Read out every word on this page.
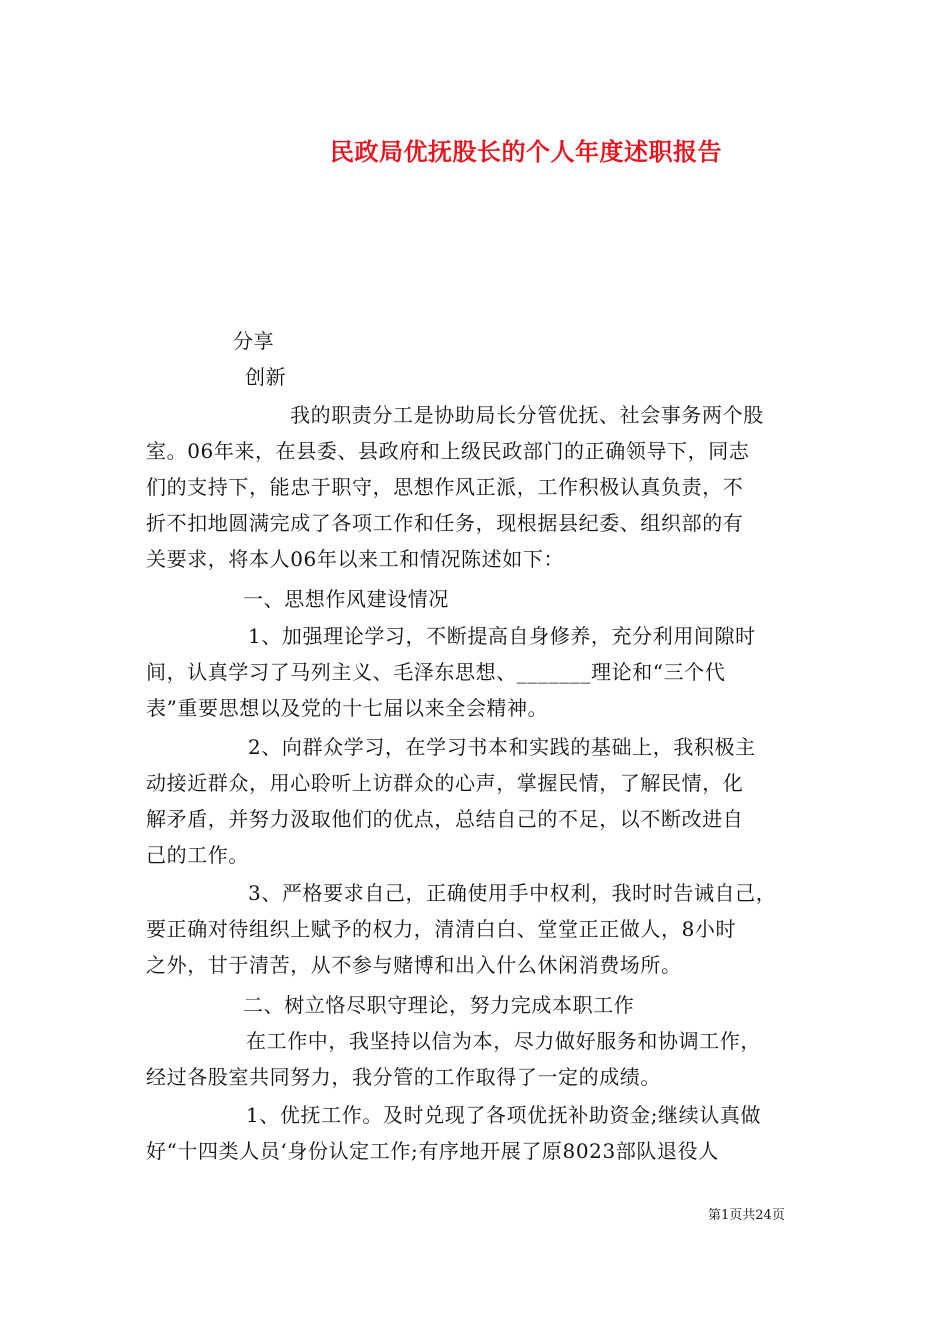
民政局优抚股长的个人年度述职报告
分享
创新
我的职责分工是协助局长分管优抚、社会事务两个股
室。06年来，在县委、县政府和上级民政部门的正确领导下，同志
们的支持下，能忠于职守，思想作风正派，工作积极认真负责，不
折不扣地圆满完成了各项工作和任务，现根据县纪委、组织部的有
关要求，将本人06年以来工和情况陈述如下：
一、思想作风建设情况
1、加强理论学习，不断提高自身修养，充分利用间隙时
间，认真学习了马列主义、毛泽东思想、_______理论和“三个代
表”重要思想以及党的十七届以来全会精神。
2、向群众学习，在学习书本和实践的基础上，我积极主
动接近群众，用心聆听上访群众的心声，掌握民情，了解民情，化
解矛盾，并努力汲取他们的优点，总结自己的不足，以不断改进自
己的工作。
3、严格要求自己，正确使用手中权利，我时时告诫自己，
要正确对待组织上赋予的权力，清清白白、堂堂正正做人，8小时
之外，甘于清苦，从不参与赌博和出入什么休闲消费场所。
二、树立恪尽职守理论，努力完成本职工作
在工作中，我坚持以信为本，尽力做好服务和协调工作，
经过各股室共同努力，我分管的工作取得了一定的成绩。
1、优抚工作。及时兑现了各项优抚补助资金;继续认真做
好“十四类人员‘身份认定工作;有序地开展了原8023部队退役人
第1页共24页
